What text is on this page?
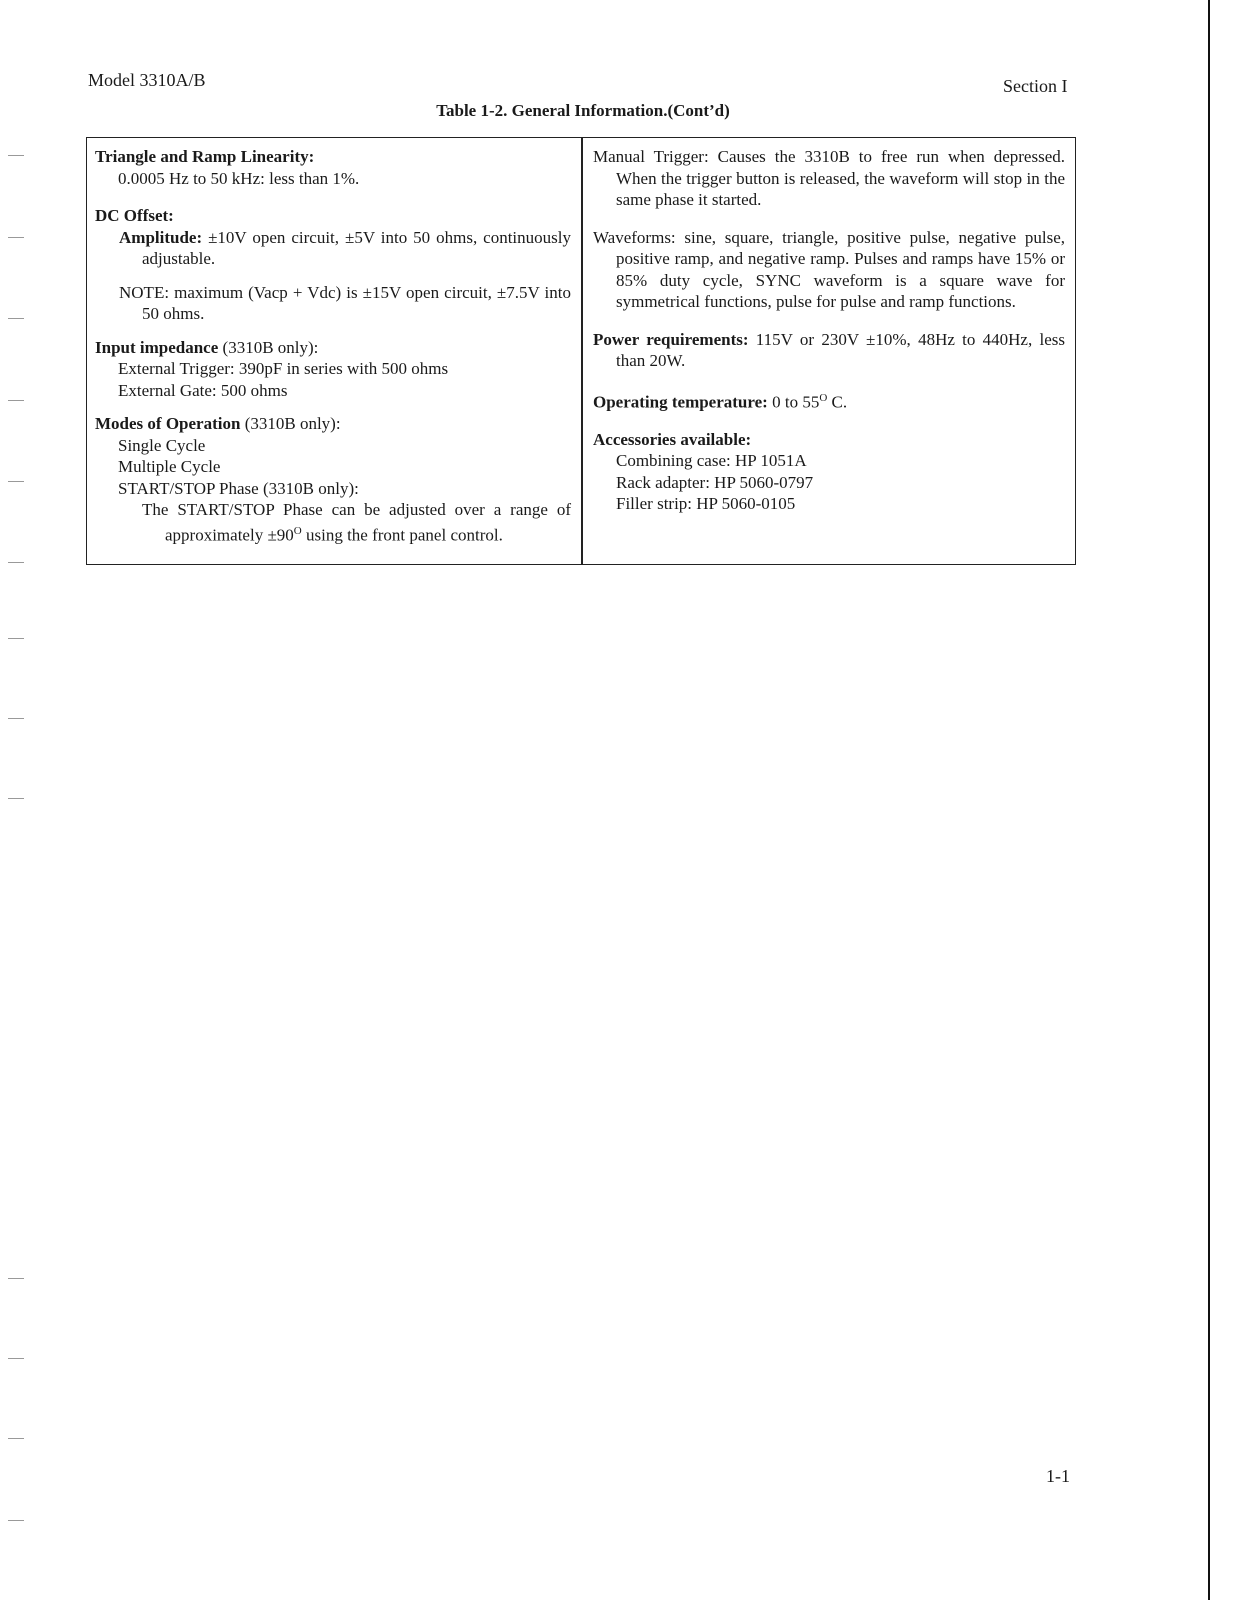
Model 3310A/B	Section I
Table 1-2. General Information.(Cont’d)

Triangle and Ramp Linearity:

0.0005 Hz to 50 kHz: less than 1%.

DC Offset:

Amplitude: ±10V open circuit, ±5V into 50 ohms, continuously adjustable.

NOTE: maximum (Vacp + Vdc) is ±15V open circuit, ±7.5V into 50 ohms.

Input impedance (3310B only):

External Trigger: 390pF in series with 500 ohms

External Gate: 500 ohms

Modes of Operation (3310B only):

Single Cycle

Multiple Cycle

START/STOP Phase (3310B only):

The START/STOP Phase can be adjusted over a range of approximately $\pm 90^O$ using the front panel control.

Manual Trigger: Causes the 3310B to free run when depressed. When the trigger button is released, the waveform will stop in the same phase it started.

Waveforms: sine, square, triangle, positive pulse, negative pulse, positive ramp, and negative ramp. Pulses and ramps have 15% or 85% duty cycle, SYNC waveform is a square wave for symmetrical functions, pulse for pulse and ramp functions.

Power requirements: 115V or 230V ±10%, 48Hz to 440Hz, less than 20W.

Operating temperature: 0 to $55^O$ C.

Accessories available:

Combining case: HP 1051A

Rack adapter: HP 5060-0797

Filler strip: HP 5060-0105

1-1
